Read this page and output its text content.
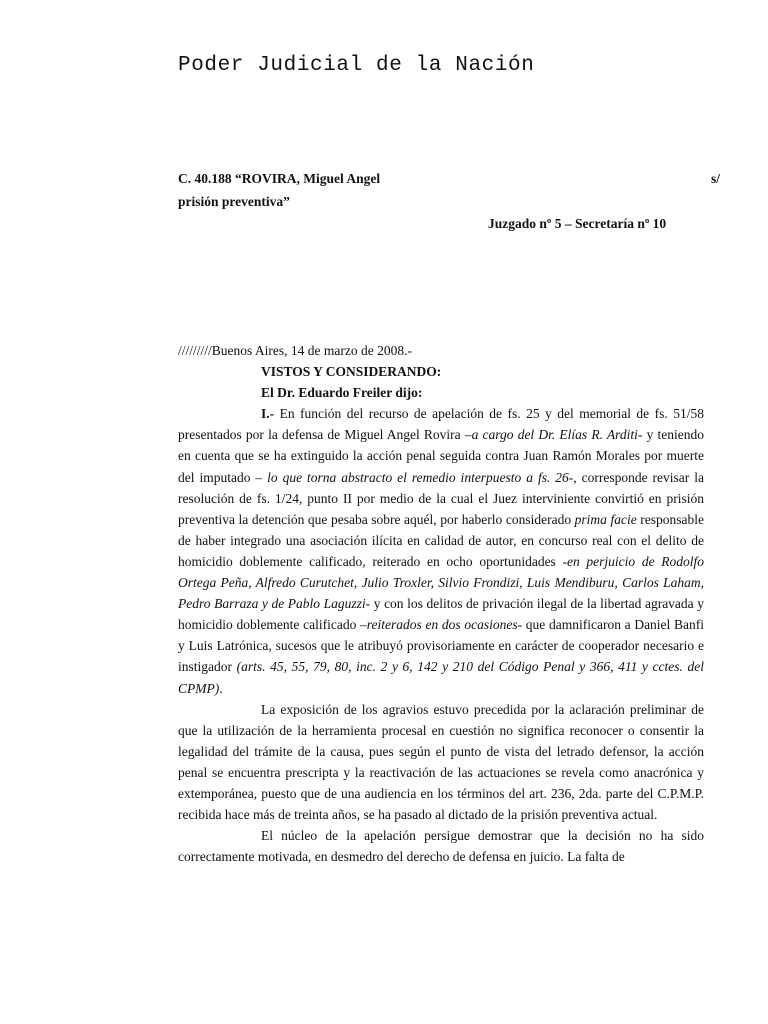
Poder Judicial de la Nación
C. 40.188 “ROVIRA, Miguel Angel	s/
prisión preventiva”
Juzgado nº 5 – Secretaría nº 10

/////////Buenos Aires, 14 de marzo de 2008.-

VISTOS Y CONSIDERANDO:

El Dr. Eduardo Freiler dijo:

I.- En función del recurso de apelación de fs. 25 y del memorial de fs. 51/58 presentados por la defensa de Miguel Angel Rovira –a cargo del Dr. Elías R. Arditi- y teniendo en cuenta que se ha extinguido la acción penal seguida contra Juan Ramón Morales por muerte del imputado – lo que torna abstracto el remedio interpuesto a fs. 26-, corresponde revisar la resolución de fs. 1/24, punto II por medio de la cual el Juez interviniente convirtió en prisión preventiva la detención que pesaba sobre aquél, por haberlo considerado prima facie responsable de haber integrado una asociación ilícita en calidad de autor, en concurso real con el delito de homicidio doblemente calificado, reiterado en ocho oportunidades -en perjuicio de Rodolfo Ortega Peña, Alfredo Curutchet, Julio Troxler, Silvio Frondizi, Luis Mendiburu, Carlos Laham, Pedro Barraza y de Pablo Laguzzi- y con los delitos de privación ilegal de la libertad agravada y homicidio doblemente calificado –reiterados en dos ocasiones- que damnificaron a Daniel Banfi y Luis Latrónica, sucesos que le atribuyó provisoriamente en carácter de cooperador necesario e instigador (arts. 45, 55, 79, 80, inc. 2 y 6, 142 y 210 del Código Penal y 366, 411 y cctes. del CPMP).

La exposición de los agravios estuvo precedida por la aclaración preliminar de que la utilización de la herramienta procesal en cuestión no significa reconocer o consentir la legalidad del trámite de la causa, pues según el punto de vista del letrado defensor, la acción penal se encuentra prescripta y la reactivación de las actuaciones se revela como anacrónica y extemporánea, puesto que de una audiencia en los términos del art. 236, 2da. parte del C.P.M.P. recibida hace más de treinta años, se ha pasado al dictado de la prisión preventiva actual.

El núcleo de la apelación persigue demostrar que la decisión no ha sido correctamente motivada, en desmedro del derecho de defensa en juicio. La falta de
